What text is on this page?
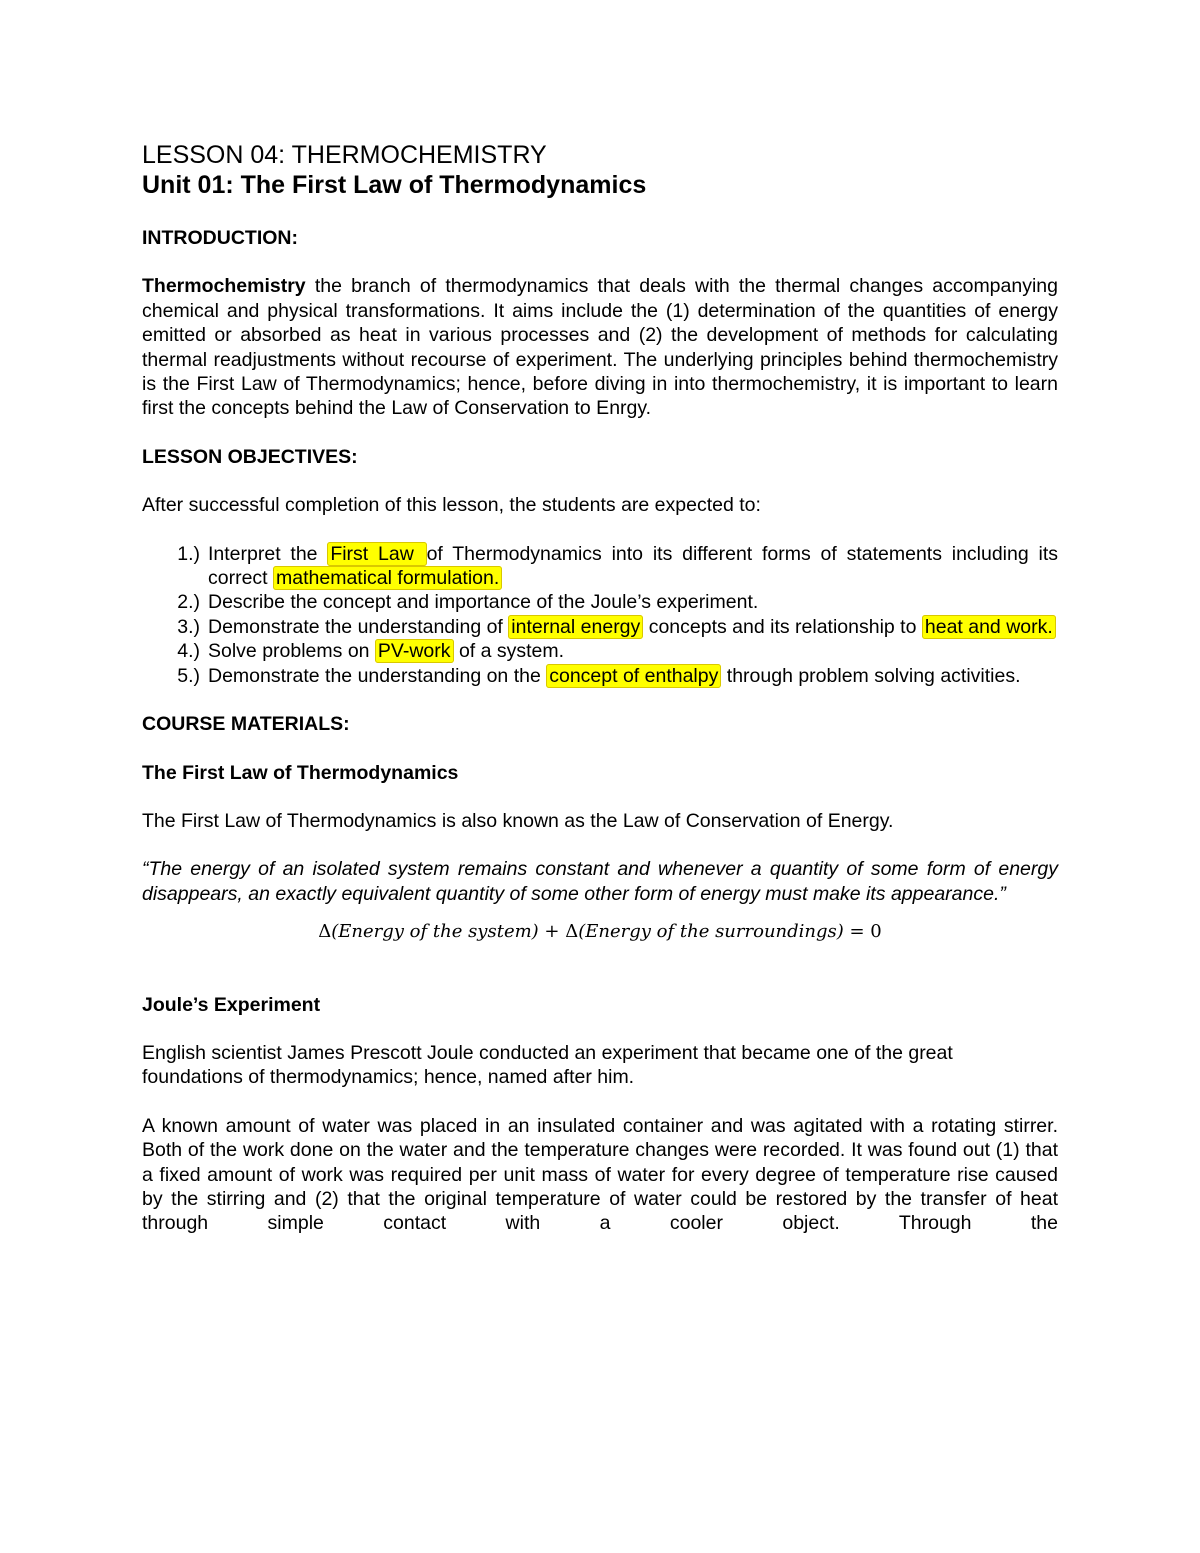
LESSON 04: THERMOCHEMISTRY

Unit 01: The First Law of Thermodynamics

INTRODUCTION:

Thermochemistry the branch of thermodynamics that deals with the thermal changes accompanying chemical and physical transformations. It aims include the (1) determination of the quantities of energy emitted or absorbed as heat in various processes and (2) the development of methods for calculating thermal readjustments without recourse of experiment. The underlying principles behind thermochemistry is the First Law of Thermodynamics; hence, before diving in into thermochemistry, it is important to learn first the concepts behind the Law of Conservation to Enrgy.

LESSON OBJECTIVES:

After successful completion of this lesson, the students are expected to:

1.) Interpret the First Law of Thermodynamics into its different forms of statements including its correct mathematical formulation.
2.) Describe the concept and importance of the Joule’s experiment.
3.) Demonstrate the understanding of internal energy concepts and its relationship to heat and work.
4.) Solve problems on PV-work of a system.
5.) Demonstrate the understanding on the concept of enthalpy through problem solving activities.

COURSE MATERIALS:

The First Law of Thermodynamics

The First Law of Thermodynamics is also known as the Law of Conservation of Energy.

“The energy of an isolated system remains constant and whenever a quantity of some form of energy disappears, an exactly equivalent quantity of some other form of energy must make its appearance.”

Δ(Energy of the system) + Δ(Energy of the surroundings) = 0

Joule’s Experiment

English scientist James Prescott Joule conducted an experiment that became one of the great foundations of thermodynamics; hence, named after him.

A known amount of water was placed in an insulated container and was agitated with a rotating stirrer. Both of the work done on the water and the temperature changes were recorded. It was found out (1) that a fixed amount of work was required per unit mass of water for every degree of temperature rise caused by the stirring and (2) that the original temperature of water could be restored by the transfer of heat through simple contact with a cooler object. Through the
